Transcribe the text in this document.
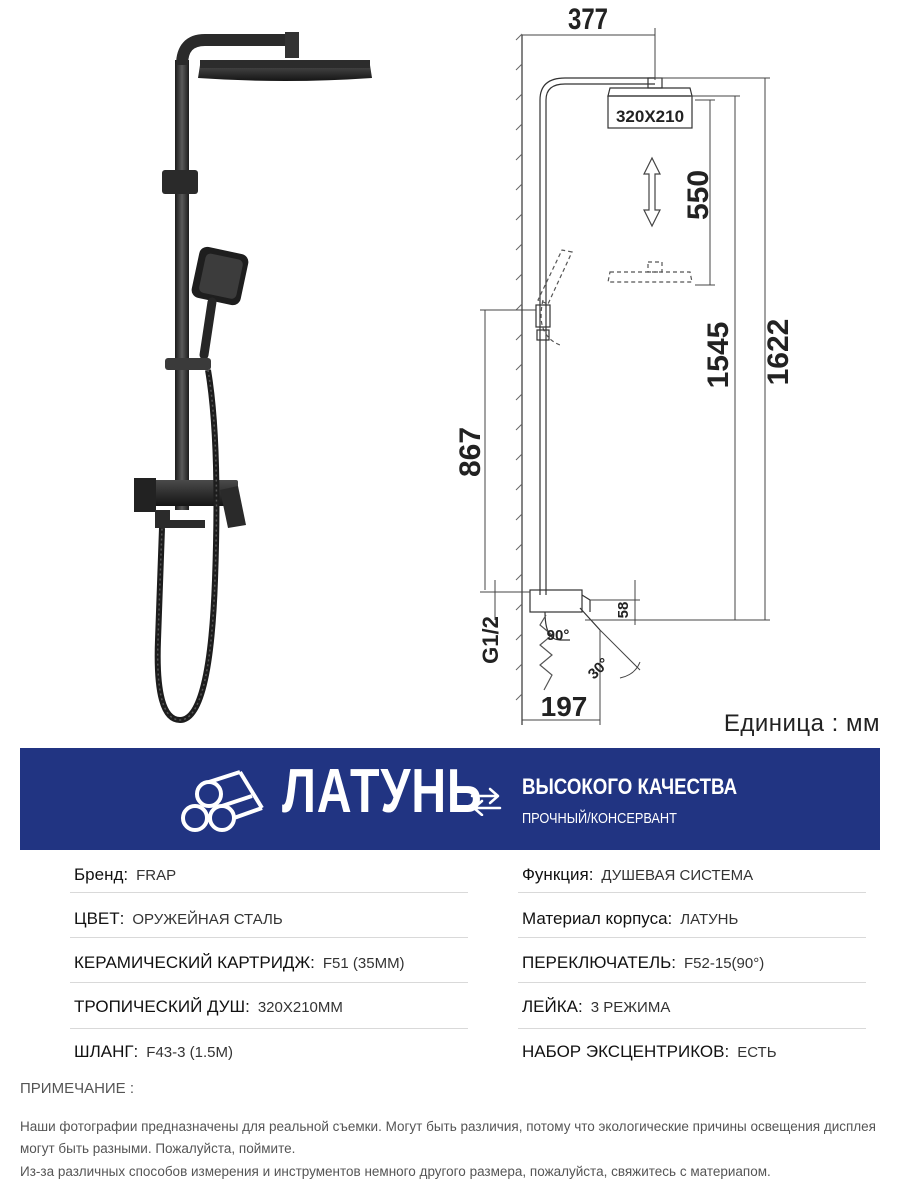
377
320X210
550
1545 1622
867
G1/2
197
58
90°
30°
Единица : мм
ЛАТУНЬ ВЫСОКОГО КАЧЕСТВА
ПРОЧНЫЙ/КОНСЕРВАНТ
Бренд: FRAP
ЦВЕТ: ОРУЖЕЙНАЯ СТАЛЬ
КЕРАМИЧЕСКИЙ КАРТРИДЖ: F51 (35MM)
ТРОПИЧЕСКИЙ ДУШ: 320X210MM
ШЛАНГ: F43-3 (1.5M)
Функция: ДУШЕВАЯ СИСТЕМА
Материал корпуса: ЛАТУНЬ
ПЕРЕКЛЮЧАТЕЛЬ: F52-15(90°)
ЛЕЙКА: 3 РЕЖИМА
НАБОР ЭКСЦЕНТРИКОВ: ЕСТЬ
ПРИМЕЧАНИЕ :
Наши фотографии предназначены для реальной съемки. Могут быть различия, потому что экологические причины освещения дисплея могут быть разными. Пожалуйста, поймите.
Из-за различных способов измерения и инструментов немного другого размера, пожалуйста, свяжитесь с материапом.
